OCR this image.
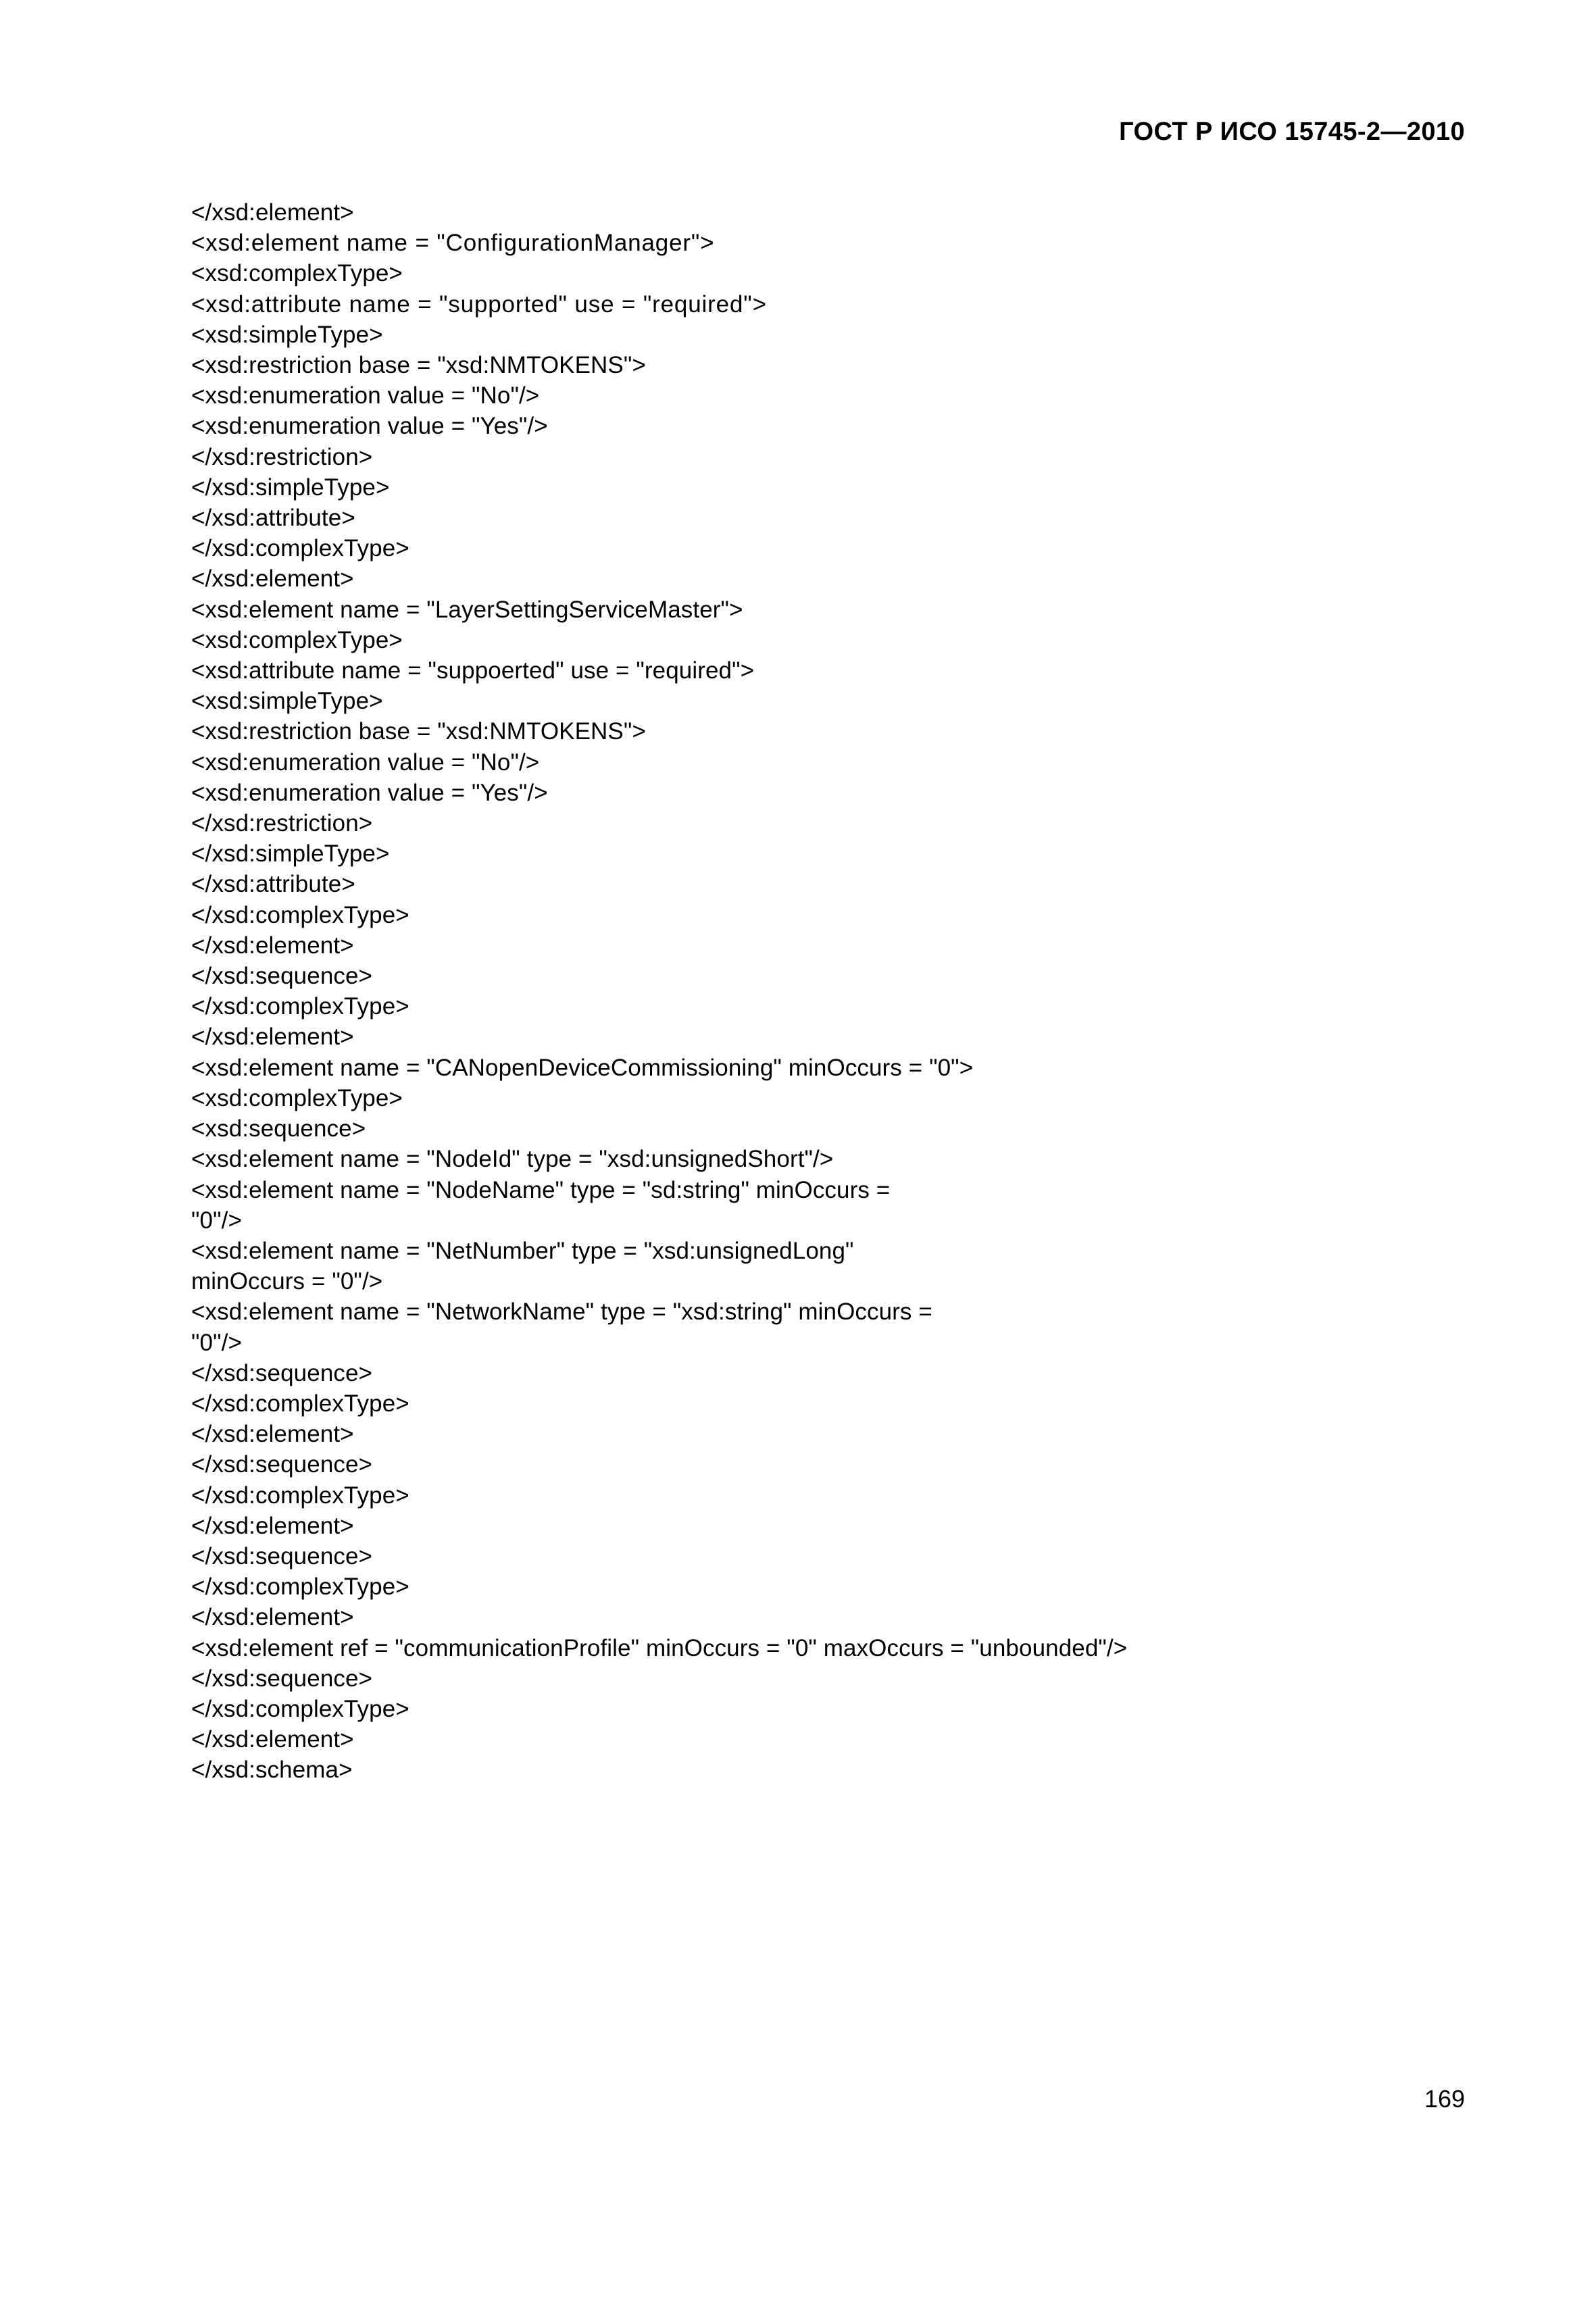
ГОСТ Р ИСО 15745-2—2010
</xsd:element>
<xsd:element name = "ConfigurationManager">
<xsd:complexType>
<xsd:attribute name = "supported" use = "required">
<xsd:simpleType>
<xsd:restriction base = "xsd:NMTOKENS">
<xsd:enumeration value = "No"/>
<xsd:enumeration value = "Yes"/>
</xsd:restriction>
</xsd:simpleType>
</xsd:attribute>
</xsd:complexType>
</xsd:element>
<xsd:element name = "LayerSettingServiceMaster">
<xsd:complexType>
<xsd:attribute name = "suppoerted" use = "required">
<xsd:simpleType>
<xsd:restriction base = "xsd:NMTOKENS">
<xsd:enumeration value = "No"/>
<xsd:enumeration value = "Yes"/>
</xsd:restriction>
</xsd:simpleType>
</xsd:attribute>
</xsd:complexType>
</xsd:element>
</xsd:sequence>
</xsd:complexType>
</xsd:element>
<xsd:element name = "CANopenDeviceCommissioning" minOccurs = "0">
<xsd:complexType>
<xsd:sequence>
<xsd:element name = "NodeId" type = "xsd:unsignedShort"/>
<xsd:element name = "NodeName" type = "sd:string" minOccurs =
"0"/>
<xsd:element name = "NetNumber" type = "xsd:unsignedLong"
minOccurs = "0"/>
<xsd:element name = "NetworkName" type = "xsd:string" minOccurs =
"0"/>
</xsd:sequence>
</xsd:complexType>
</xsd:element>
</xsd:sequence>
</xsd:complexType>
</xsd:element>
</xsd:sequence>
</xsd:complexType>
</xsd:element>
<xsd:element ref = "communicationProfile" minOccurs = "0" maxOccurs = "unbounded"/>
</xsd:sequence>
</xsd:complexType>
</xsd:element>
</xsd:schema>
169
